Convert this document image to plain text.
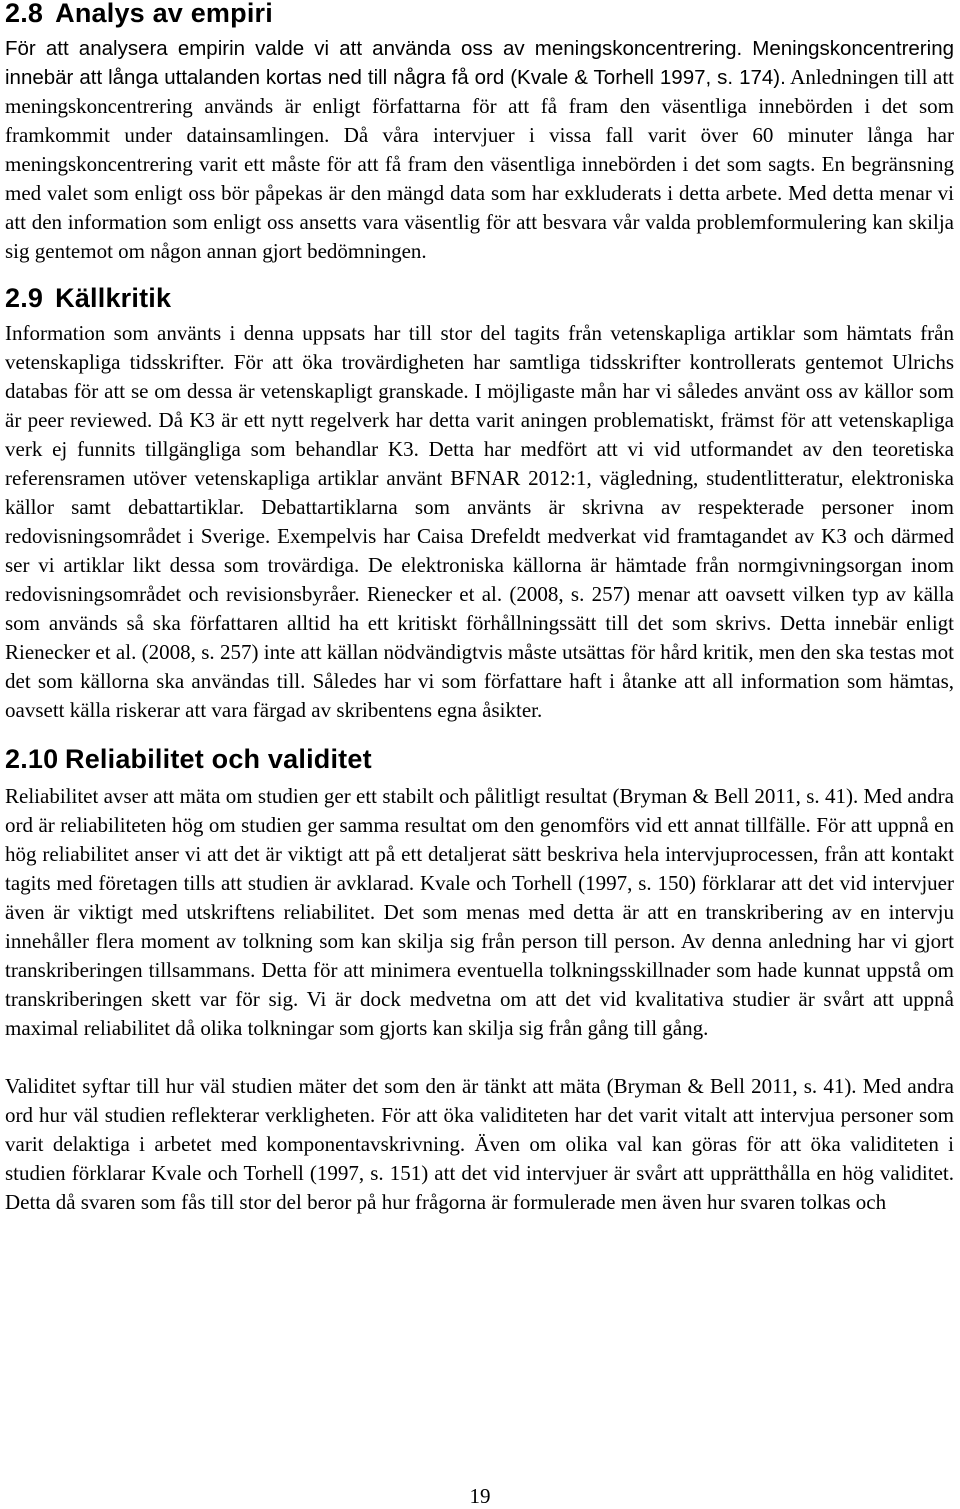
2.8 Analys av empiri

För att analysera empirin valde vi att använda oss av meningskoncentrering. Meningskoncentrering innebär att långa uttalanden kortas ned till några få ord (Kvale & Torhell 1997, s. 174). Anledningen till att meningskoncentrering används är enligt författarna för att få fram den väsentliga innebörden i det som framkommit under datainsamlingen. Då våra intervjuer i vissa fall varit över 60 minuter långa har meningskoncentrering varit ett måste för att få fram den väsentliga innebörden i det som sagts. En begränsning med valet som enligt oss bör påpekas är den mängd data som har exkluderats i detta arbete. Med detta menar vi att den information som enligt oss ansetts vara väsentlig för att besvara vår valda problemformulering kan skilja sig gentemot om någon annan gjort bedömningen.

2.9 Källkritik

Information som använts i denna uppsats har till stor del tagits från vetenskapliga artiklar som hämtats från vetenskapliga tidsskrifter. För att öka trovärdigheten har samtliga tidsskrifter kontrollerats gentemot Ulrichs databas för att se om dessa är vetenskapligt granskade. I möjligaste mån har vi således använt oss av källor som är peer reviewed. Då K3 är ett nytt regelverk har detta varit aningen problematiskt, främst för att vetenskapliga verk ej funnits tillgängliga som behandlar K3. Detta har medfört att vi vid utformandet av den teoretiska referensramen utöver vetenskapliga artiklar använt BFNAR 2012:1, vägledning, studentlitteratur, elektroniska källor samt debattartiklar. Debattartiklarna som använts är skrivna av respekterade personer inom redovisningsområdet i Sverige. Exempelvis har Caisa Drefeldt medverkat vid framtagandet av K3 och därmed ser vi artiklar likt dessa som trovärdiga. De elektroniska källorna är hämtade från normgivningsorgan inom redovisningsområdet och revisionsbyråer. Rienecker et al. (2008, s. 257) menar att oavsett vilken typ av källa som används så ska författaren alltid ha ett kritiskt förhållningssätt till det som skrivs. Detta innebär enligt Rienecker et al. (2008, s. 257) inte att källan nödvändigtvis måste utsättas för hård kritik, men den ska testas mot det som källorna ska användas till. Således har vi som författare haft i åtanke att all information som hämtas, oavsett källa riskerar att vara färgad av skribentens egna åsikter.

2.10 Reliabilitet och validitet

Reliabilitet avser att mäta om studien ger ett stabilt och pålitligt resultat (Bryman & Bell 2011, s. 41). Med andra ord är reliabiliteten hög om studien ger samma resultat om den genomförs vid ett annat tillfälle. För att uppnå en hög reliabilitet anser vi att det är viktigt att på ett detaljerat sätt beskriva hela intervjuprocessen, från att kontakt tagits med företagen tills att studien är avklarad. Kvale och Torhell (1997, s. 150) förklarar att det vid intervjuer även är viktigt med utskriftens reliabilitet. Det som menas med detta är att en transkribering av en intervju innehåller flera moment av tolkning som kan skilja sig från person till person. Av denna anledning har vi gjort transkriberingen tillsammans. Detta för att minimera eventuella tolkningsskillnader som hade kunnat uppstå om transkriberingen skett var för sig. Vi är dock medvetna om att det vid kvalitativa studier är svårt att uppnå maximal reliabilitet då olika tolkningar som gjorts kan skilja sig från gång till gång.

Validitet syftar till hur väl studien mäter det som den är tänkt att mäta (Bryman & Bell 2011, s. 41). Med andra ord hur väl studien reflekterar verkligheten. För att öka validiteten har det varit vitalt att intervjua personer som varit delaktiga i arbetet med komponentavskrivning. Även om olika val kan göras för att öka validiteten i studien förklarar Kvale och Torhell (1997, s. 151) att det vid intervjuer är svårt att upprätthålla en hög validitet. Detta då svaren som fås till stor del beror på hur frågorna är formulerade men även hur svaren tolkas och

19
